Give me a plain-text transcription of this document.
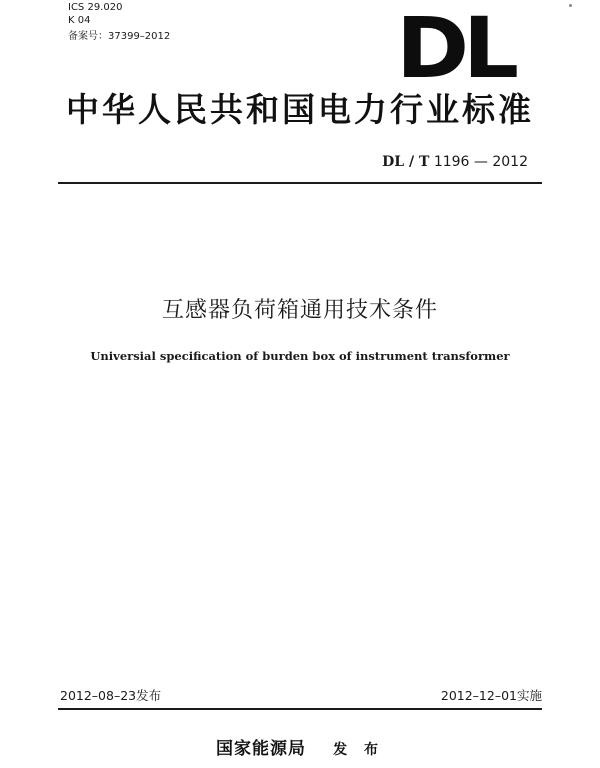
ICS 29.020
K 04
备案号：37399–2012	DL
中华人民共和国电力行业标准
DL / T 1196 — 2012
互感器负荷箱通用技术条件
Universial specification of burden box of instrument transformer
2012–08–23发布	2012–12–01实施
国家能源局 发 布
